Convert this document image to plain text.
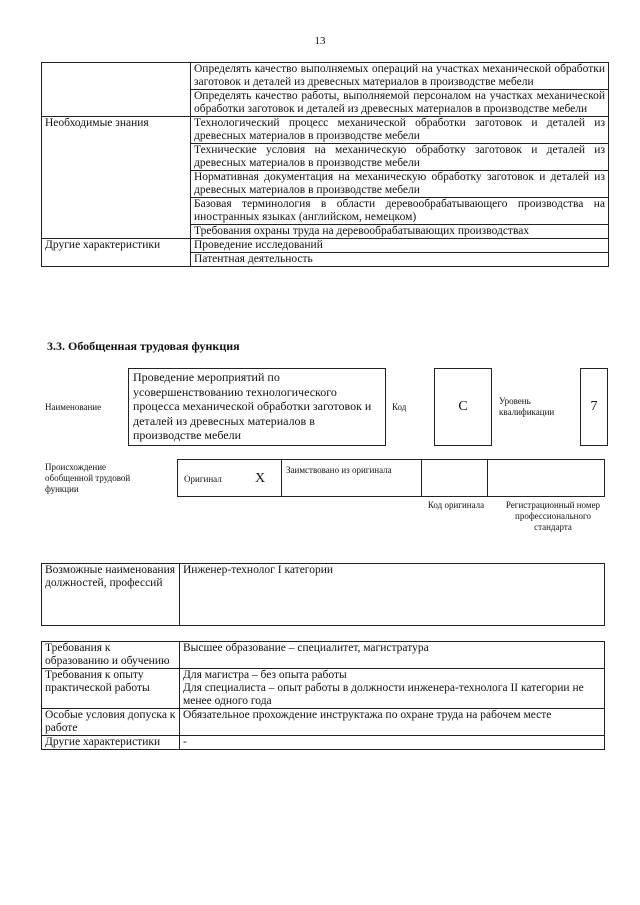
13
	Определять качество выполняемых операций на участках механической обработки заготовок и деталей из древесных материалов в производстве мебели
	Определять качество работы, выполняемой персоналом на участках механической обработки заготовок и деталей из древесных материалов в производстве мебели
Необходимые знания	Технологический процесс механической обработки заготовок и деталей из древесных материалов в производстве мебели
	Технические условия на механическую обработку заготовок и деталей из древесных материалов в производстве мебели
	Нормативная документация на механическую обработку заготовок и деталей из древесных материалов в производстве мебели
	Базовая терминология в области деревообрабатывающего производства на иностранных языках (английском, немецком)
	Требования охраны труда на деревообрабатывающих производствах
Другие характеристики	Проведение исследований
	Патентная деятельность
3.3. Обобщенная трудовая функция
Наименование
Проведение мероприятий по усовершенствованию технологического процесса механической обработки заготовок и деталей из древесных материалов в производстве мебели
Код	С	Уровень квалификации	7
Происхождение обобщенной трудовой функции
Оригинал X
Заимствовано из оригинала
Код оригинала	Регистрационный номер профессионального стандарта
Возможные наименования должностей, профессий	Инженер-технолог I категории
Требования к образованию и обучению	Высшее образование – специалитет, магистратура
Требования к опыту практической работы	Для магистра – без опыта работы
Для специалиста – опыт работы в должности инженера-технолога II категории не менее одного года

Особые условия допуска к работе	Обязательное прохождение инструктажа по охране труда на рабочем месте
Другие характеристики	-
